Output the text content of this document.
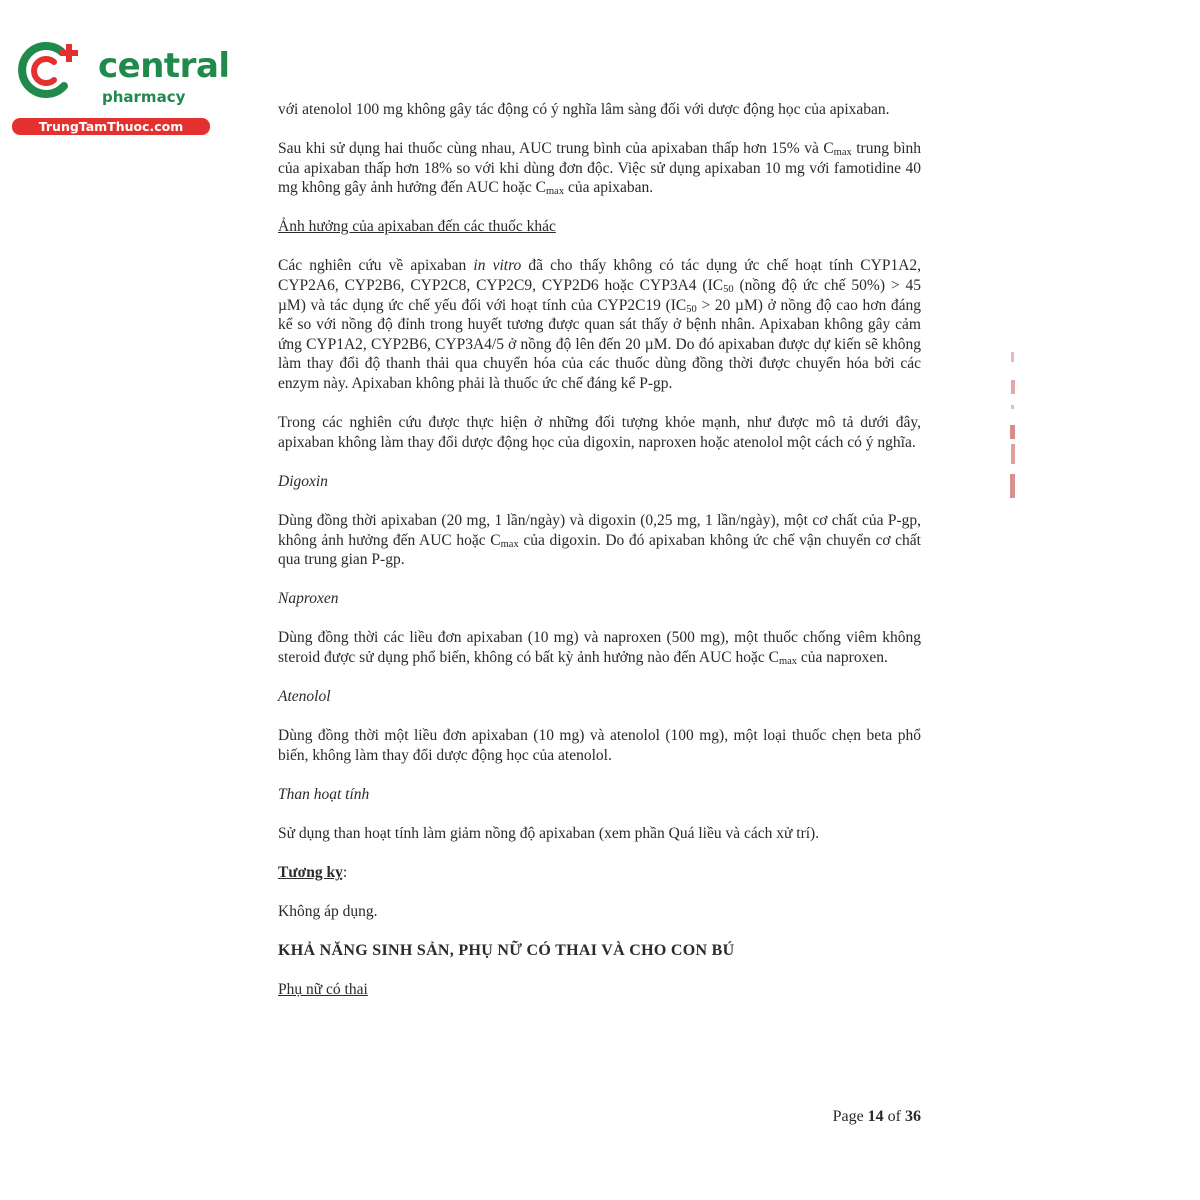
central
pharmacy
TrungTamThuoc.com

với atenolol 100 mg không gây tác động có ý nghĩa lâm sàng đối với dược động học của apixaban.

Sau khi sử dụng hai thuốc cùng nhau, AUC trung bình của apixaban thấp hơn 15% và $C_{max}$ trung bình của apixaban thấp hơn 18% so với khi dùng đơn độc. Việc sử dụng apixaban 10 mg với famotidine 40 mg không gây ảnh hưởng đến AUC hoặc $C_{max}$ của apixaban.

Ảnh hưởng của apixaban đến các thuốc khác

Các nghiên cứu về apixaban in vitro đã cho thấy không có tác dụng ức chế hoạt tính CYP1A2, CYP2A6, CYP2B6, CYP2C8, CYP2C9, CYP2D6 hoặc CYP3A4 ($IC_{50}$ (nồng độ ức chế 50%) > 45 µM) và tác dụng ức chế yếu đối với hoạt tính của CYP2C19 ($IC_{50} > 20$ µM) ở nồng độ cao hơn đáng kể so với nồng độ đỉnh trong huyết tương được quan sát thấy ở bệnh nhân. Apixaban không gây cảm ứng CYP1A2, CYP2B6, CYP3A4/5 ở nồng độ lên đến 20 µM. Do đó apixaban được dự kiến sẽ không làm thay đổi độ thanh thải qua chuyển hóa của các thuốc dùng đồng thời được chuyển hóa bởi các enzym này. Apixaban không phải là thuốc ức chế đáng kể P-gp.

Trong các nghiên cứu được thực hiện ở những đối tượng khỏe mạnh, như được mô tả dưới đây, apixaban không làm thay đổi dược động học của digoxin, naproxen hoặc atenolol một cách có ý nghĩa.

Digoxin

Dùng đồng thời apixaban (20 mg, 1 lần/ngày) và digoxin (0,25 mg, 1 lần/ngày), một cơ chất của P-gp, không ảnh hưởng đến AUC hoặc $C_{max}$ của digoxin. Do đó apixaban không ức chế vận chuyển cơ chất qua trung gian P-gp.

Naproxen

Dùng đồng thời các liều đơn apixaban (10 mg) và naproxen (500 mg), một thuốc chống viêm không steroid được sử dụng phổ biến, không có bất kỳ ảnh hưởng nào đến AUC hoặc $C_{max}$ của naproxen.

Atenolol

Dùng đồng thời một liều đơn apixaban (10 mg) và atenolol (100 mg), một loại thuốc chẹn beta phổ biến, không làm thay đổi dược động học của atenolol.

Than hoạt tính

Sử dụng than hoạt tính làm giảm nồng độ apixaban (xem phần Quá liều và cách xử trí).

Tương kỵ:

Không áp dụng.

KHẢ NĂNG SINH SẢN, PHỤ NỮ CÓ THAI VÀ CHO CON BÚ

Phụ nữ có thai

Page 14 of 36
